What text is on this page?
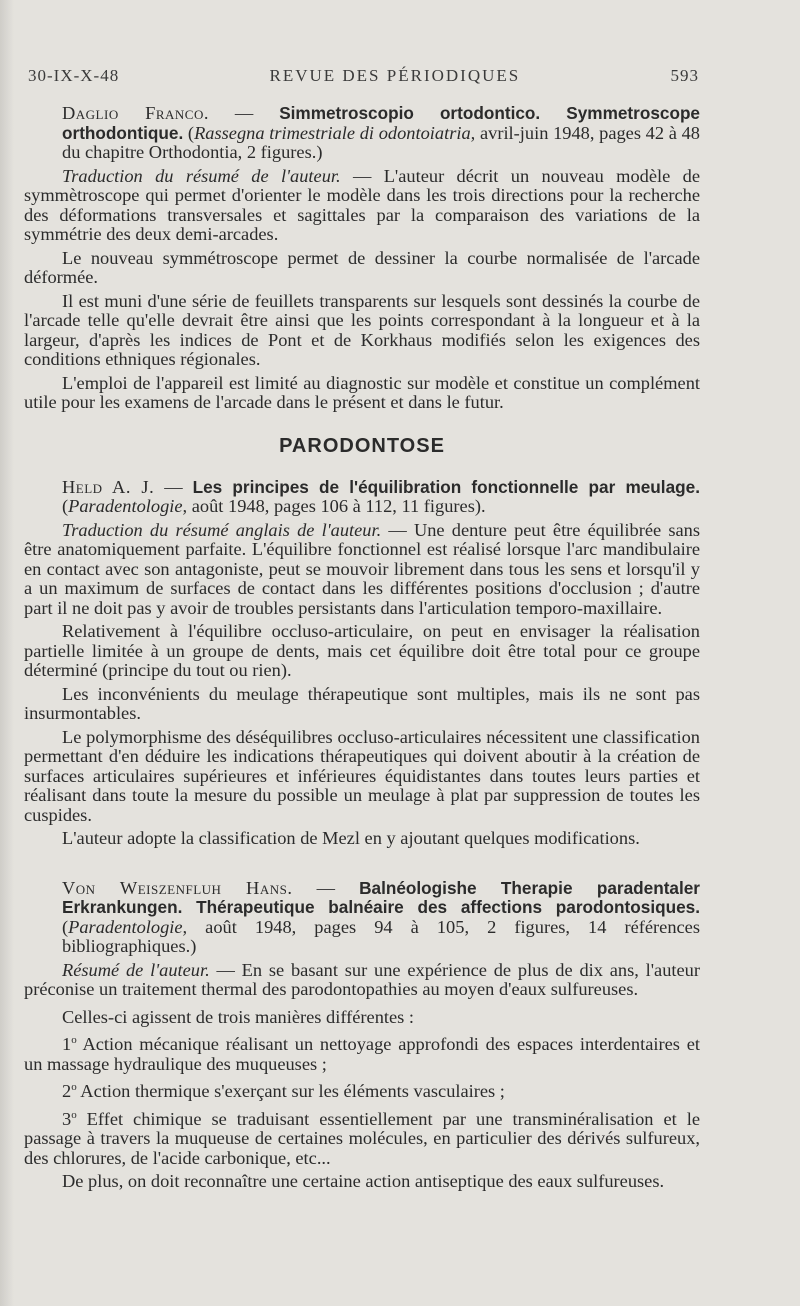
30-IX-X-48	REVUE DES PÉRIODIQUES	593

Daglio Franco. — Simmetroscopio ortodontico. Symmetroscope orthodontique. (Rassegna trimestriale di odontoiatria, avril-juin 1948, pages 42 à 48 du chapitre Orthodontia, 2 figures.)

Traduction du résumé de l'auteur. — L'auteur décrit un nouveau modèle de symmètroscope qui permet d'orienter le modèle dans les trois directions pour la recherche des déformations transversales et sagittales par la comparaison des variations de la symmétrie des deux demi-arcades.

Le nouveau symmétroscope permet de dessiner la courbe normalisée de l'arcade déformée.

Il est muni d'une série de feuillets transparents sur lesquels sont dessinés la courbe de l'arcade telle qu'elle devrait être ainsi que les points correspondant à la longueur et à la largeur, d'après les indices de Pont et de Korkhaus modifiés selon les exigences des conditions ethniques régionales.

L'emploi de l'appareil est limité au diagnostic sur modèle et constitue un complément utile pour les examens de l'arcade dans le présent et dans le futur.

PARODONTOSE

Held A. J. — Les principes de l'équilibration fonctionnelle par meulage. (Paradentologie, août 1948, pages 106 à 112, 11 figures).

Traduction du résumé anglais de l'auteur. — Une denture peut être équilibrée sans être anatomiquement parfaite. L'équilibre fonctionnel est réalisé lorsque l'arc mandibulaire en contact avec son antagoniste, peut se mouvoir librement dans tous les sens et lorsqu'il y a un maximum de surfaces de contact dans les différentes positions d'occlusion ; d'autre part il ne doit pas y avoir de troubles persistants dans l'articulation temporo-maxillaire.

Relativement à l'équilibre occluso-articulaire, on peut en envisager la réalisation partielle limitée à un groupe de dents, mais cet équilibre doit être total pour ce groupe déterminé (principe du tout ou rien).

Les inconvénients du meulage thérapeutique sont multiples, mais ils ne sont pas insurmontables.

Le polymorphisme des déséquilibres occluso-articulaires nécessitent une classification permettant d'en déduire les indications thérapeutiques qui doivent aboutir à la création de surfaces articulaires supérieures et inférieures équidistantes dans toutes leurs parties et réalisant dans toute la mesure du possible un meulage à plat par suppression de toutes les cuspides.

L'auteur adopte la classification de Mezl en y ajoutant quelques modifications.

Von Weiszenfluh Hans. — Balnéologishe Therapie paradentaler Erkrankungen. Thérapeutique balnéaire des affections parodontosiques. (Paradentologie, août 1948, pages 94 à 105, 2 figures, 14 références bibliographiques.)

Résumé de l'auteur. — En se basant sur une expérience de plus de dix ans, l'auteur préconise un traitement thermal des parodontopathies au moyen d'eaux sulfureuses.

Celles-ci agissent de trois manières différentes :

1$^o$ Action mécanique réalisant un nettoyage approfondi des espaces interdentaires et un massage hydraulique des muqueuses ;

2$^o$ Action thermique s'exerçant sur les éléments vasculaires ;

3$^o$ Effet chimique se traduisant essentiellement par une transminéralisation et le passage à travers la muqueuse de certaines molécules, en particulier des dérivés sulfureux, des chlorures, de l'acide carbonique, etc...

De plus, on doit reconnaître une certaine action antiseptique des eaux sulfureuses.
